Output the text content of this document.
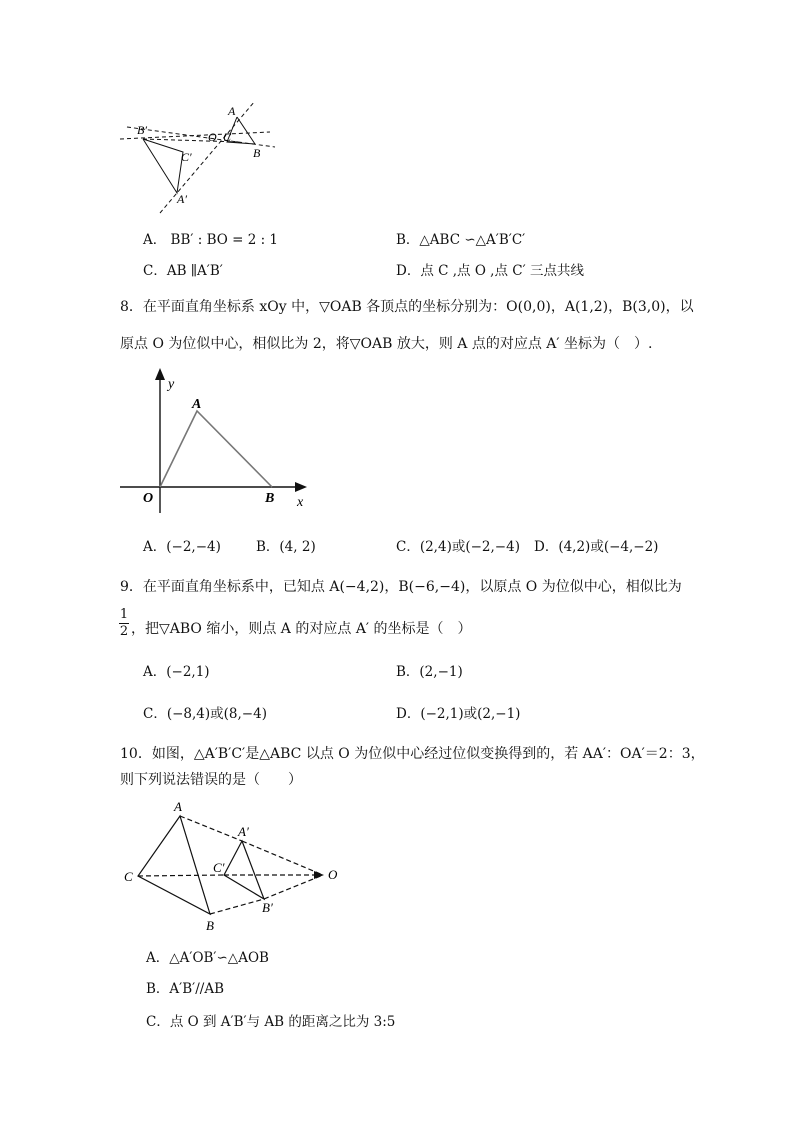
A
B′	O C
C′	B
A′
A． BB′ : BO = 2 : 1	B．△ABC ∽△A′B′C′
C．AB ∥A′B′	D．点 C ,点 O ,点 C′ 三点共线
8．在平面直角坐标系 xOy 中，▽OAB 各顶点的坐标分别为：O(0,0)，A(1,2)，B(3,0)，以
原点 O 为位似中心，相似比为 2，将▽OAB 放大，则 A 点的对应点 A′ 坐标为（　）.
y
A
O	B x
A．(−2,−4)	B．(4, 2)	C．(2,4)或(−2,−4) D．(4,2)或(−4,−2)
9．在平面直角坐标系中，已知点 A(−4,2)，B(−6,−4)，以原点 O 为位似中心，相似比为
1
2 ，把▽ABO 缩小，则点 A 的对应点 A′ 的坐标是（　）
A．(−2,1)	B．(2,−1)
C．(−8,4)或(8,−4)	D．(−2,1)或(2,−1)
10．如图，△A′B′C′是△ABC 以点 O 为位似中心经过位似变换得到的，若 AA′：OA′＝2：3，
则下列说法错误的是（　　）
A
A′
C
C′	O
B
B′
A．△A′OB′∽△AOB
B．A′B′//AB
C．点 O 到 A′B′与 AB 的距离之比为 3:5
